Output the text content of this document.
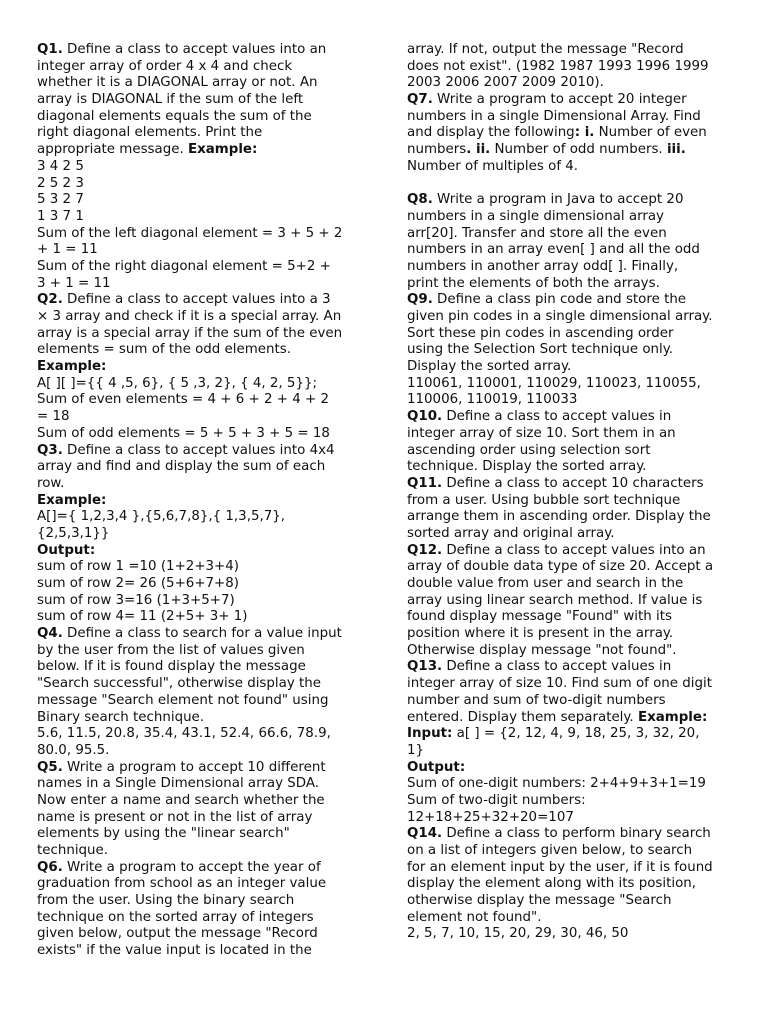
Q1. Define a class to accept values into an
integer array of order 4 x 4 and check
whether it is a DIAGONAL array or not. An
array is DIAGONAL if the sum of the left
diagonal elements equals the sum of the
right diagonal elements. Print the
appropriate message. Example:
3 4 2 5
2 5 2 3
5 3 2 7
1 3 7 1
Sum of the left diagonal element = 3 + 5 + 2
+ 1 = 11
Sum of the right diagonal element = 5+2 +
3 + 1 = 11
Q2. Define a class to accept values into a 3
× 3 array and check if it is a special array. An
array is a special array if the sum of the even
elements = sum of the odd elements.
Example:
A[ ][ ]={{ 4 ,5, 6}, { 5 ,3, 2}, { 4, 2, 5}};
Sum of even elements = 4 + 6 + 2 + 4 + 2
= 18
Sum of odd elements = 5 + 5 + 3 + 5 = 18
Q3. Define a class to accept values into 4x4
array and find and display the sum of each
row.
Example:
A[]={ 1,2,3,4 },{5,6,7,8},{ 1,3,5,7},
{2,5,3,1}}
Output:
sum of row 1 =10 (1+2+3+4)
sum of row 2= 26 (5+6+7+8)
sum of row 3=16 (1+3+5+7)
sum of row 4= 11 (2+5+ 3+ 1)
Q4. Define a class to search for a value input
by the user from the list of values given
below. If it is found display the message
"Search successful", otherwise display the
message "Search element not found" using
Binary search technique.
5.6, 11.5, 20.8, 35.4, 43.1, 52.4, 66.6, 78.9,
80.0, 95.5.
Q5. Write a program to accept 10 different
names in a Single Dimensional array SDA.
Now enter a name and search whether the
name is present or not in the list of array
elements by using the "linear search"
technique.
Q6. Write a program to accept the year of
graduation from school as an integer value
from the user. Using the binary search
technique on the sorted array of integers
given below, output the message "Record
exists" if the value input is located in the
array. If not, output the message "Record
does not exist". (1982 1987 1993 1996 1999
2003 2006 2007 2009 2010).
Q7. Write a program to accept 20 integer
numbers in a single Dimensional Array. Find
and display the following: i. Number of even
numbers. ii. Number of odd numbers. iii.
Number of multiples of 4.
Q8. Write a program in Java to accept 20
numbers in a single dimensional array
arr[20]. Transfer and store all the even
numbers in an array even[ ] and all the odd
numbers in another array odd[ ]. Finally,
print the elements of both the arrays.
Q9. Define a class pin code and store the
given pin codes in a single dimensional array.
Sort these pin codes in ascending order
using the Selection Sort technique only.
Display the sorted array.
110061, 110001, 110029, 110023, 110055,
110006, 110019, 110033
Q10. Define a class to accept values in
integer array of size 10. Sort them in an
ascending order using selection sort
technique. Display the sorted array.
Q11. Define a class to accept 10 characters
from a user. Using bubble sort technique
arrange them in ascending order. Display the
sorted array and original array.
Q12. Define a class to accept values into an
array of double data type of size 20. Accept a
double value from user and search in the
array using linear search method. If value is
found display message "Found" with its
position where it is present in the array.
Otherwise display message "not found".
Q13. Define a class to accept values in
integer array of size 10. Find sum of one digit
number and sum of two-digit numbers
entered. Display them separately. Example:
Input: a[ ] = {2, 12, 4, 9, 18, 25, 3, 32, 20,
1}
Output:
Sum of one-digit numbers: 2+4+9+3+1=19
Sum of two-digit numbers:
12+18+25+32+20=107
Q14. Define a class to perform binary search
on a list of integers given below, to search
for an element input by the user, if it is found
display the element along with its position,
otherwise display the message "Search
element not found".
2, 5, 7, 10, 15, 20, 29, 30, 46, 50
